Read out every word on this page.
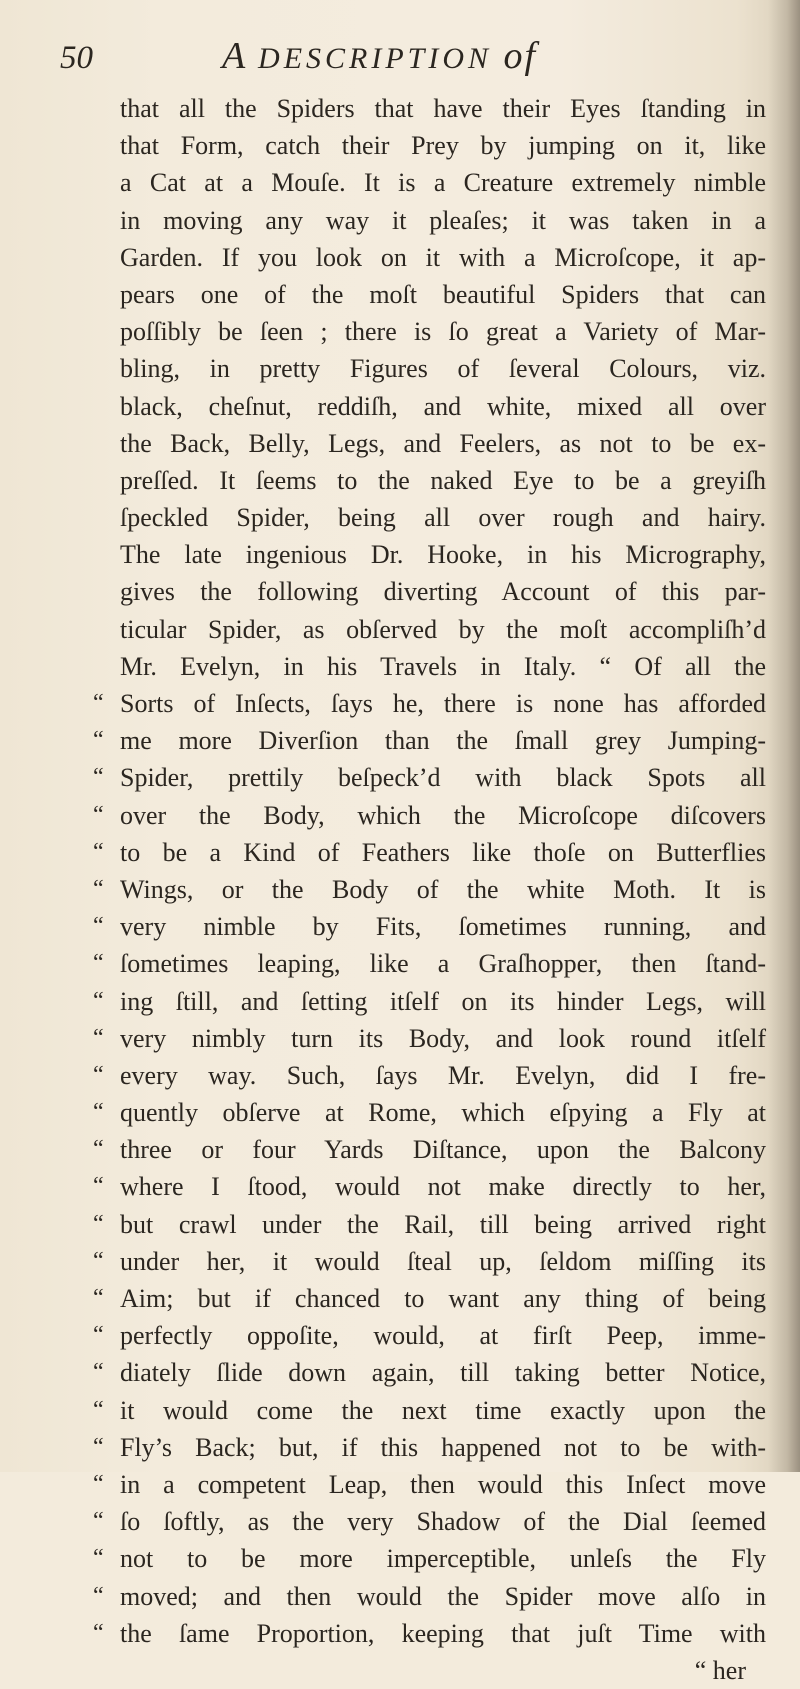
50	A DESCRIPTION of
that all the Spiders that have their Eyes ſtanding in
that Form, catch their Prey by jumping on it, like
a Cat at a Mouſe. It is a Creature extremely nimble
in moving any way it pleaſes; it was taken in a
Garden. If you look on it with a Microſcope, it ap-
pears one of the moſt beautiful Spiders that can
poſſibly be ſeen ; there is ſo great a Variety of Mar-
bling, in pretty Figures of ſeveral Colours, viz.
black, cheſnut, reddiſh, and white, mixed all over
the Back, Belly, Legs, and Feelers, as not to be ex-
preſſed. It ſeems to the naked Eye to be a greyiſh
ſpeckled Spider, being all over rough and hairy.
The late ingenious Dr. Hooke, in his Micrography,
gives the following diverting Account of this par-
ticular Spider, as obſerved by the moſt accompliſh’d
Mr. Evelyn, in his Travels in Italy. “ Of all the
“ Sorts of Inſects, ſays he, there is none has afforded
“ me more Diverſion than the ſmall grey Jumping-
“ Spider, prettily beſpeck’d with black Spots all
“ over the Body, which the Microſcope diſcovers
“ to be a Kind of Feathers like thoſe on Butterflies
“ Wings, or the Body of the white Moth. It is
“ very nimble by Fits, ſometimes running, and
“ ſometimes leaping, like a Graſhopper, then ſtand-
“ ing ſtill, and ſetting itſelf on its hinder Legs, will
“ very nimbly turn its Body, and look round itſelf
“ every way. Such, ſays Mr. Evelyn, did I fre-
“ quently obſerve at Rome, which eſpying a Fly at
“ three or four Yards Diſtance, upon the Balcony
“ where I ſtood, would not make directly to her,
“ but crawl under the Rail, till being arrived right
“ under her, it would ſteal up, ſeldom miſſing its
“ Aim; but if chanced to want any thing of being
“ perfectly oppoſite, would, at firſt Peep, imme-
“ diately ſlide down again, till taking better Notice,
“ it would come the next time exactly upon the
“ Fly’s Back; but, if this happened not to be with-
“ in a competent Leap, then would this Inſect move
“ ſo ſoftly, as the very Shadow of the Dial ſeemed
“ not to be more imperceptible, unleſs the Fly
“ moved; and then would the Spider move alſo in
“ the ſame Proportion, keeping that juſt Time with
“ her
